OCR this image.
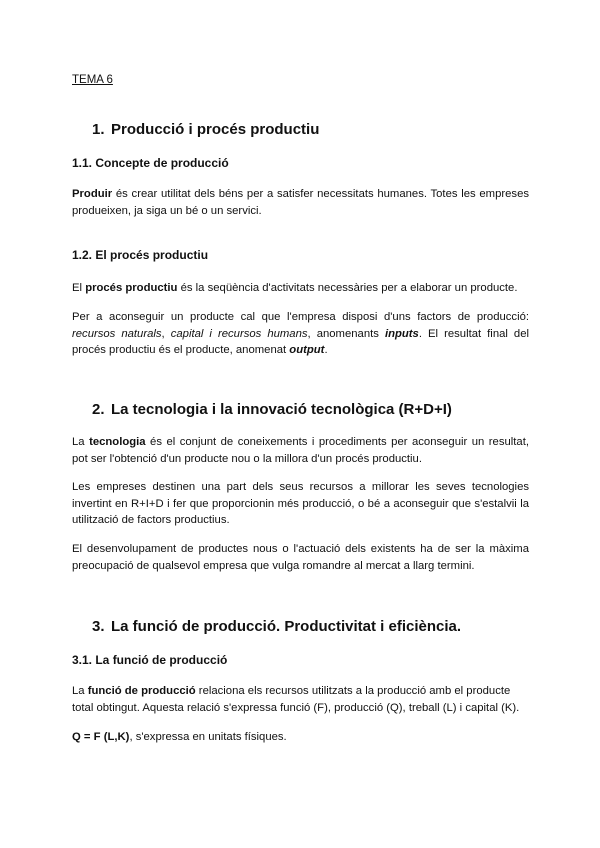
TEMA 6

1. Producció i procés productiu
1.1. Concepte de producció

Produir és crear utilitat dels béns per a satisfer necessitats humanes. Totes les empreses produeixen, ja siga un bé o un servici.

1.2. El procés productiu

El procés productiu és la seqüència d'activitats necessàries per a elaborar un producte.

Per a aconseguir un producte cal que l'empresa disposi d'uns factors de producció: recursos naturals, capital i recursos humans, anomenants inputs. El resultat final del procés productiu és el producte, anomenat output.

2. La tecnologia i la innovació tecnològica (R+D+I)

La tecnologia és el conjunt de coneixements i procediments per aconseguir un resultat, pot ser l'obtenció d'un producte nou o la millora d'un procés productiu.

Les empreses destinen una part dels seus recursos a millorar les seves tecnologies invertint en R+I+D i fer que proporcionin més producció, o bé a aconseguir que s'estalvii la utilització de factors productius.

El desenvolupament de productes nous o l'actuació dels existents ha de ser la màxima preocupació de qualsevol empresa que vulga romandre al mercat a llarg termini.

3. La funció de producció. Productivitat i eficiència.
3.1. La funció de producció

La funció de producció relaciona els recursos utilitzats a la producció amb el producte total obtingut. Aquesta relació s'expressa funció (F), producció (Q), treball (L) i capital (K).

Q = F (L,K), s'expressa en unitats físiques.
